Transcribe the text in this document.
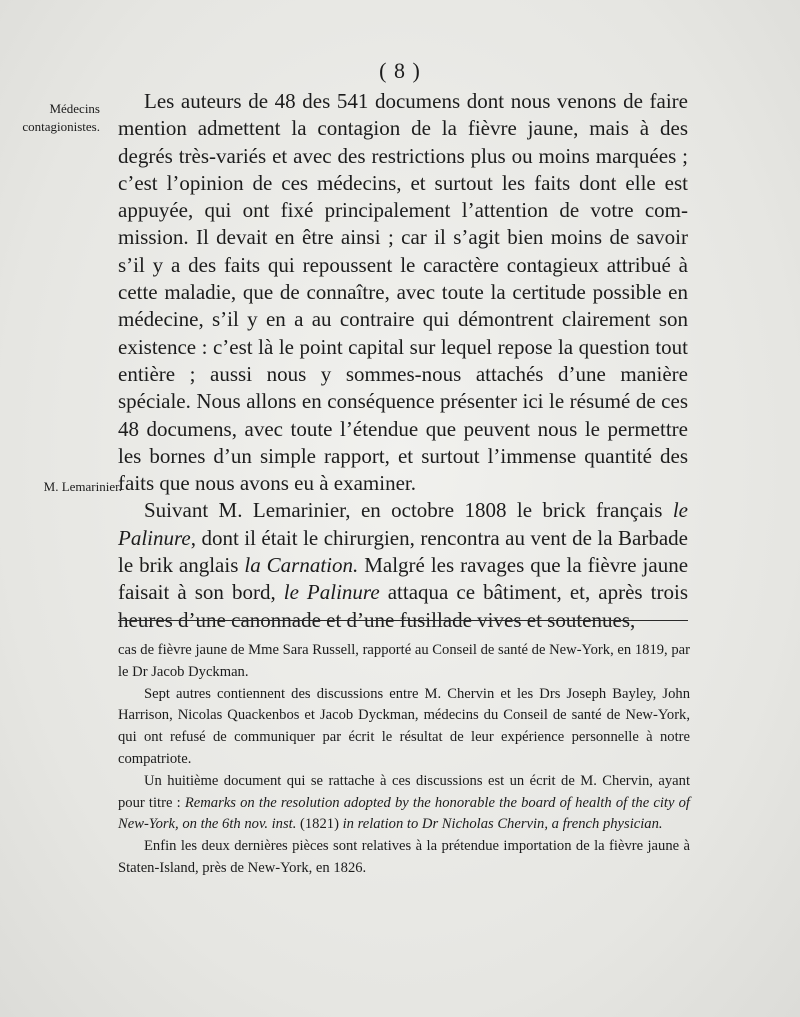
( 8 )
Médecins contagionistes.
M. Lemarinier.

Les auteurs de 48 des 541 documens dont nous venons de faire mention admettent la contagion de la fièvre jaune, mais à des degrés très-variés et avec des restrictions plus ou moins marquées ; c’est l’opinion de ces médecins, et surtout les faits dont elle est appuyée, qui ont fixé principalement l’attention de votre commission. Il devait en être ainsi ; car il s’agit bien moins de savoir s’il y a des faits qui repoussent le caractère contagieux attribué à cette maladie, que de connaître, avec toute la certitude possible en médecine, s’il y en a au contraire qui démontrent clairement son existence : c’est là le point capital sur lequel repose la question tout entière ; aussi nous y sommes-nous attachés d’une manière spéciale. Nous allons en conséquence présenter ici le résumé de ces 48 documens, avec toute l’étendue que peuvent nous le permettre les bornes d’un simple rapport, et surtout l’immense quantité des faits que nous avons eu à examiner.

Suivant M. Lemarinier, en octobre 1808 le brick français le Palinure, dont il était le chirurgien, rencontra au vent de la Barbade le brik anglais la Carnation. Malgré les ravages que la fièvre jaune faisait à son bord, le Palinure attaqua ce bâtiment, et, après trois heures d’une canonnade et d’une fusillade vives et soutenues,

cas de fièvre jaune de Mme Sara Russell, rapporté au Conseil de santé de New-York, en 1819, par le Dr Jacob Dyckman.

Sept autres contiennent des discussions entre M. Chervin et les Drs Joseph Bayley, John Harrison, Nicolas Quackenbos et Jacob Dyckman, médecins du Conseil de santé de New-York, qui ont refusé de communiquer par écrit le résultat de leur expérience personnelle à notre compatriote.

Un huitième document qui se rattache à ces discussions est un écrit de M. Chervin, ayant pour titre : Remarks on the resolution adopted by the honorable the board of health of the city of New-York, on the 6th nov. inst. (1821) in relation to Dr Nicholas Chervin, a french physician.

Enfin les deux dernières pièces sont relatives à la prétendue importation de la fièvre jaune à Staten-Island, près de New-York, en 1826.
